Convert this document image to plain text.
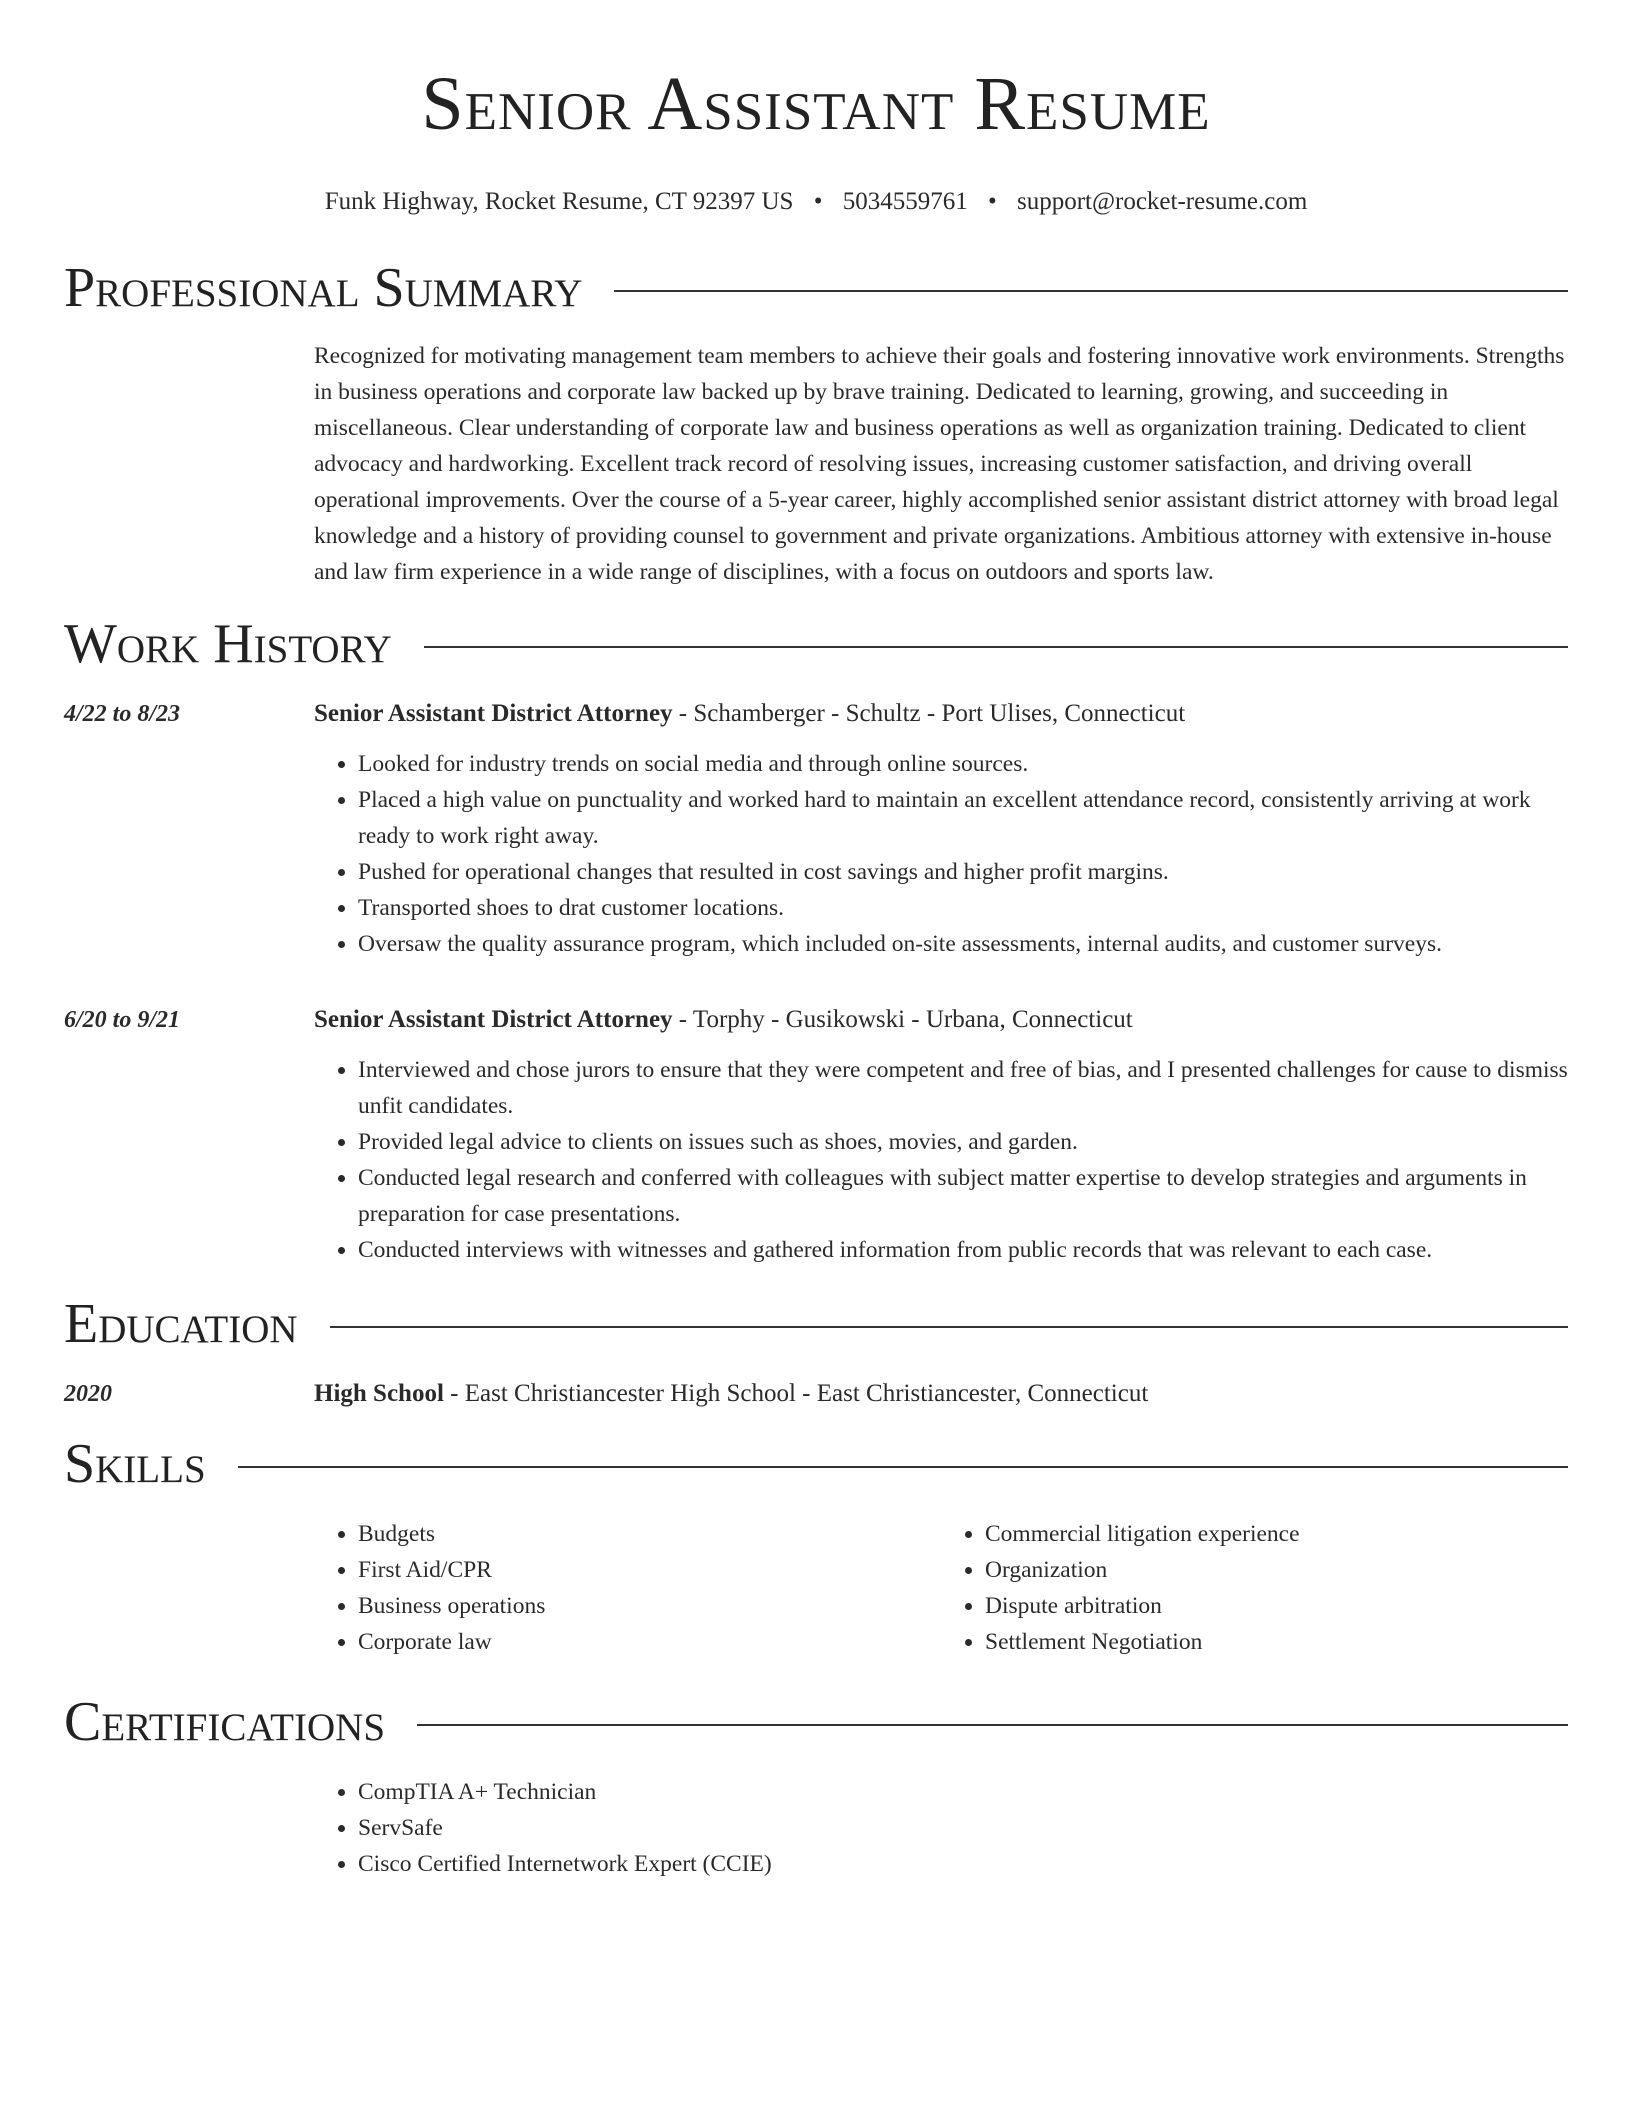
Senior Assistant Resume
Funk Highway, Rocket Resume, CT 92397 US • 5034559761 • support@rocket-resume.com
Professional Summary
Recognized for motivating management team members to achieve their goals and fostering innovative work environments. Strengths in business operations and corporate law backed up by brave training. Dedicated to learning, growing, and succeeding in miscellaneous. Clear understanding of corporate law and business operations as well as organization training. Dedicated to client advocacy and hardworking. Excellent track record of resolving issues, increasing customer satisfaction, and driving overall operational improvements. Over the course of a 5-year career, highly accomplished senior assistant district attorney with broad legal knowledge and a history of providing counsel to government and private organizations. Ambitious attorney with extensive in-house and law firm experience in a wide range of disciplines, with a focus on outdoors and sports law.
Work History
4/22 to 8/23	Senior Assistant District Attorney - Schamberger - Schultz - Port Ulises, Connecticut
• Looked for industry trends on social media and through online sources.
• Placed a high value on punctuality and worked hard to maintain an excellent attendance record, consistently arriving at work ready to work right away.
• Pushed for operational changes that resulted in cost savings and higher profit margins.
• Transported shoes to drat customer locations.
• Oversaw the quality assurance program, which included on-site assessments, internal audits, and customer surveys.
6/20 to 9/21	Senior Assistant District Attorney - Torphy - Gusikowski - Urbana, Connecticut
• Interviewed and chose jurors to ensure that they were competent and free of bias, and I presented challenges for cause to dismiss unfit candidates.
• Provided legal advice to clients on issues such as shoes, movies, and garden.
• Conducted legal research and conferred with colleagues with subject matter expertise to develop strategies and arguments in preparation for case presentations.
• Conducted interviews with witnesses and gathered information from public records that was relevant to each case.
Education
2020	High School - East Christiancester High School - East Christiancester, Connecticut
Skills
• Budgets
• First Aid/CPR
• Business operations
• Corporate law
• Commercial litigation experience
• Organization
• Dispute arbitration
• Settlement Negotiation
Certifications
• CompTIA A+ Technician
• ServSafe
• Cisco Certified Internetwork Expert (CCIE)
